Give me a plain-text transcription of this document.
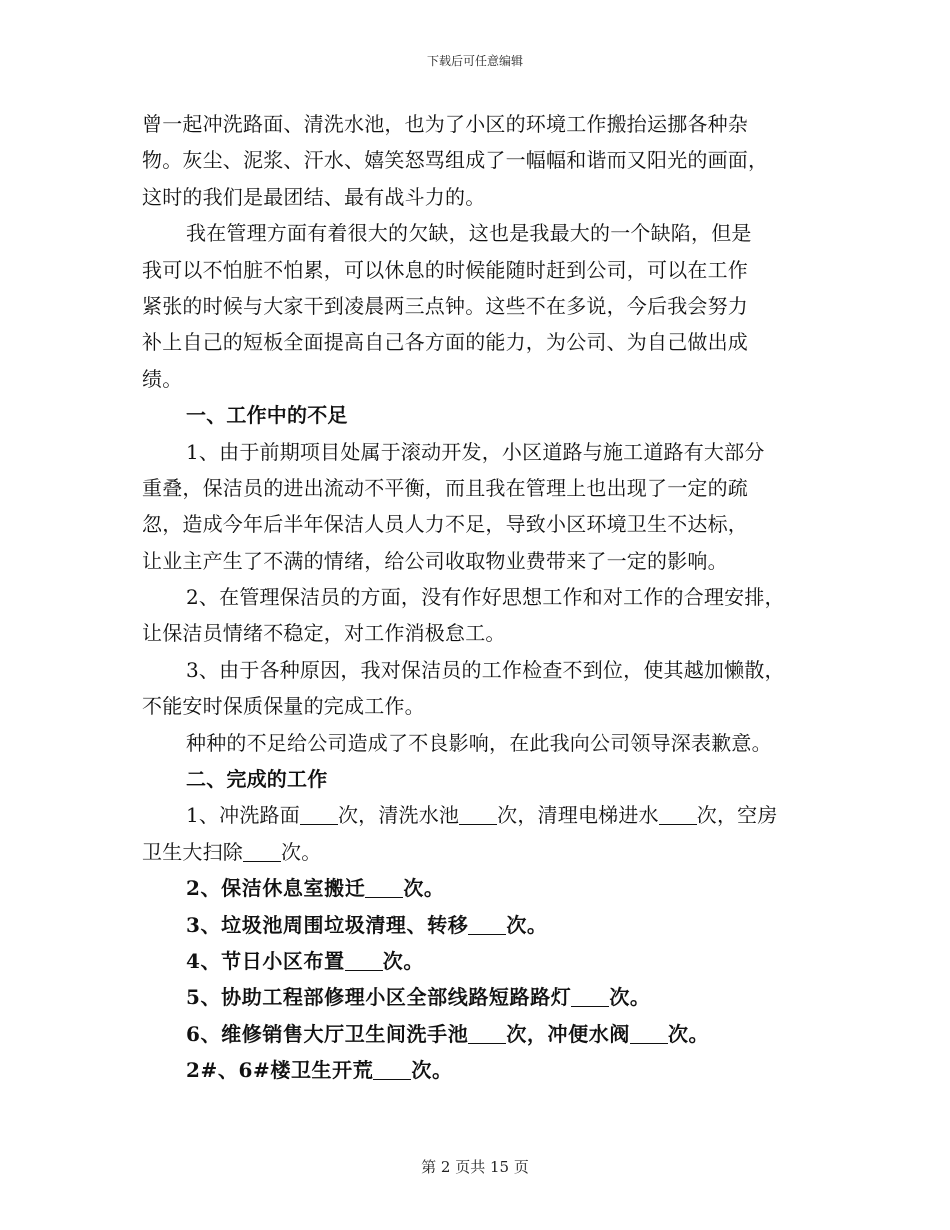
下载后可任意编辑
曾一起冲洗路面、清洗水池，也为了小区的环境工作搬抬运挪各种杂
物。灰尘、泥浆、汗水、嬉笑怒骂组成了一幅幅和谐而又阳光的画面，
这时的我们是最团结、最有战斗力的。
我在管理方面有着很大的欠缺，这也是我最大的一个缺陷，但是
我可以不怕脏不怕累，可以休息的时候能随时赶到公司，可以在工作
紧张的时候与大家干到凌晨两三点钟。这些不在多说，今后我会努力
补上自己的短板全面提高自己各方面的能力，为公司、为自己做出成
绩。
一、工作中的不足
1、由于前期项目处属于滚动开发，小区道路与施工道路有大部分
重叠，保洁员的进出流动不平衡，而且我在管理上也出现了一定的疏
忽，造成今年后半年保洁人员人力不足，导致小区环境卫生不达标，
让业主产生了不满的情绪，给公司收取物业费带来了一定的影响。
2、在管理保洁员的方面，没有作好思想工作和对工作的合理安排，
让保洁员情绪不稳定，对工作消极怠工。
3、由于各种原因，我对保洁员的工作检查不到位，使其越加懒散，
不能安时保质保量的完成工作。
种种的不足给公司造成了不良影响，在此我向公司领导深表歉意。
二、完成的工作
1、冲洗路面 次，清洗水池 次，清理电梯进水 次，空房
卫生大扫除 次。
2、保洁休息室搬迁 次。
3、垃圾池周围垃圾清理、转移 次。
4、节日小区布置 次。
5、协助工程部修理小区全部线路短路路灯 次。
6、维修销售大厅卫生间洗手池 次，冲便水阀 次。
2#、6#楼卫生开荒 次。
第 2 页共 15 页
